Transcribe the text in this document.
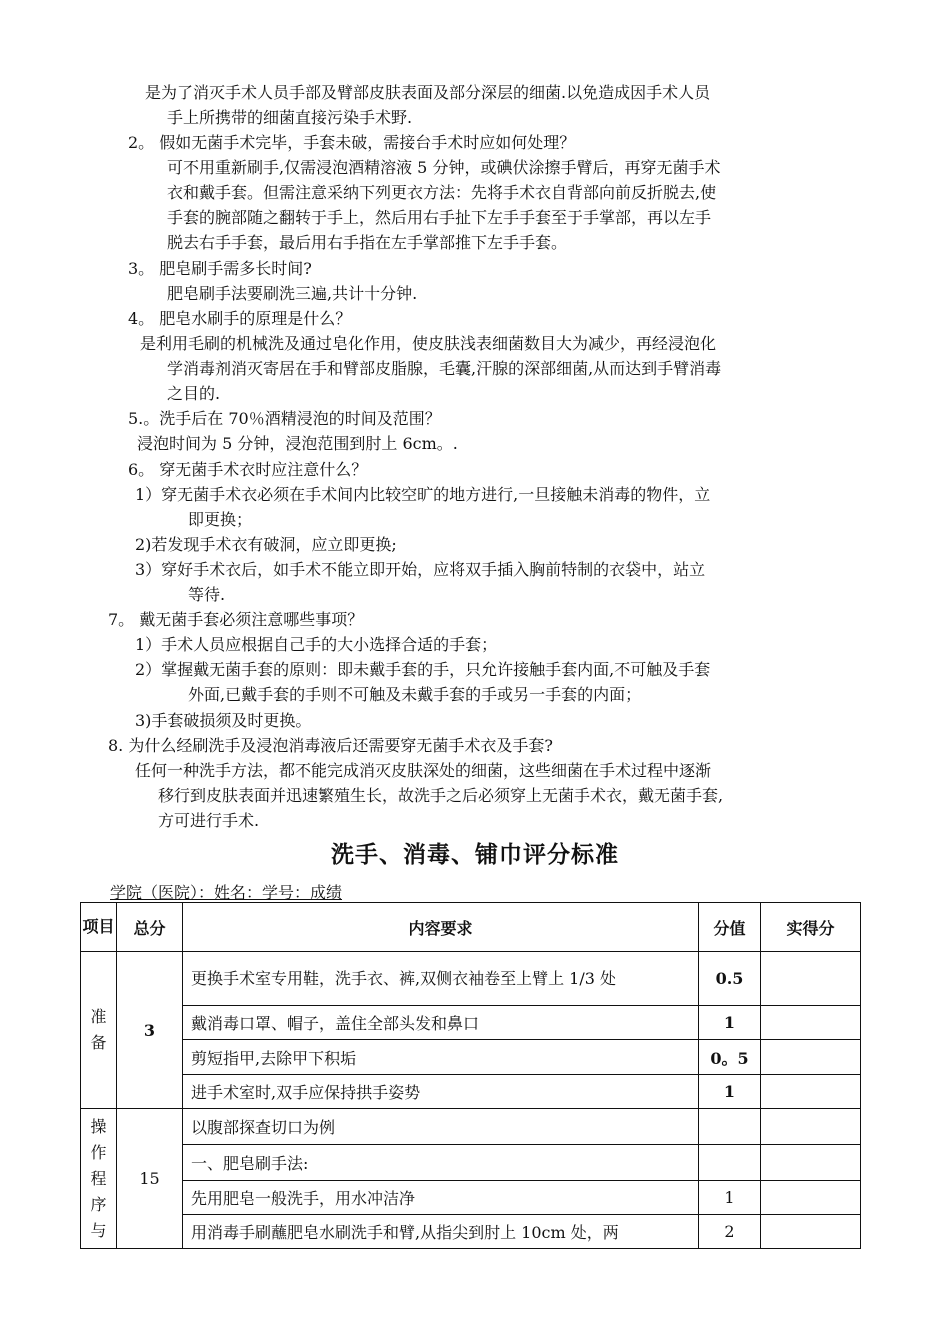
是为了消灭手术人员手部及臂部皮肤表面及部分深层的细菌.以免造成因手术人员
手上所携带的细菌直接污染手术野.
2。 假如无菌手术完毕，手套未破，需接台手术时应如何处理？
可不用重新刷手,仅需浸泡酒精溶液 5 分钟，或碘伏涂擦手臂后，再穿无菌手术
衣和戴手套。但需注意采纳下列更衣方法：先将手术衣自背部向前反折脱去,使
手套的腕部随之翻转于手上，然后用右手扯下左手手套至于手掌部，再以左手
脱去右手手套，最后用右手指在左手掌部推下左手手套。
3。 肥皂刷手需多长时间?
肥皂刷手法要刷洗三遍,共计十分钟.
4。 肥皂水刷手的原理是什么？
是利用毛刷的机械洗及通过皂化作用，使皮肤浅表细菌数目大为减少，再经浸泡化
学消毒剂消灭寄居在手和臂部皮脂腺，毛囊,汗腺的深部细菌,从而达到手臂消毒
之目的.
5.。洗手后在 70％酒精浸泡的时间及范围？
浸泡时间为 5 分钟，浸泡范围到肘上 6cm。.
6。 穿无菌手术衣时应注意什么？
1）穿无菌手术衣必须在手术间内比较空旷的地方进行,一旦接触未消毒的物件，立
即更换；
2)若发现手术衣有破洞，应立即更换;
3）穿好手术衣后，如手术不能立即开始，应将双手插入胸前特制的衣袋中，站立
等待.
7。 戴无菌手套必须注意哪些事项？
1）手术人员应根据自己手的大小选择合适的手套；
2）掌握戴无菌手套的原则：即未戴手套的手，只允许接触手套内面,不可触及手套
外面,已戴手套的手则不可触及未戴手套的手或另一手套的内面；
3)手套破损须及时更换。
8. 为什么经刷洗手及浸泡消毒液后还需要穿无菌手术衣及手套?
任何一种洗手方法，都不能完成消灭皮肤深处的细菌，这些细菌在手术过程中逐渐
移行到皮肤表面并迅速繁殖生长，故洗手之后必须穿上无菌手术衣，戴无菌手套,
方可进行手术.
洗手、消毒、铺巾评分标准
学院（医院）：姓名：学号：成绩
项目	总分	内容要求	分值	实得分

准
备	3	更换手术室专用鞋，洗手衣、裤,双侧衣袖卷至上臂上 1/3 处	0.5	
		戴消毒口罩、帽子，盖住全部头发和鼻口	1	
		剪短指甲,去除甲下积垢	0。5	
		进手术室时,双手应保持拱手姿势	1	

操
作
程
序
与	15	以腹部探查切口为例		
		一、肥皂刷手法:		
		先用肥皂一般洗手，用水冲洁净	1	
		用消毒手刷蘸肥皂水刷洗手和臂,从指尖到肘上 10cm 处，两	2	
